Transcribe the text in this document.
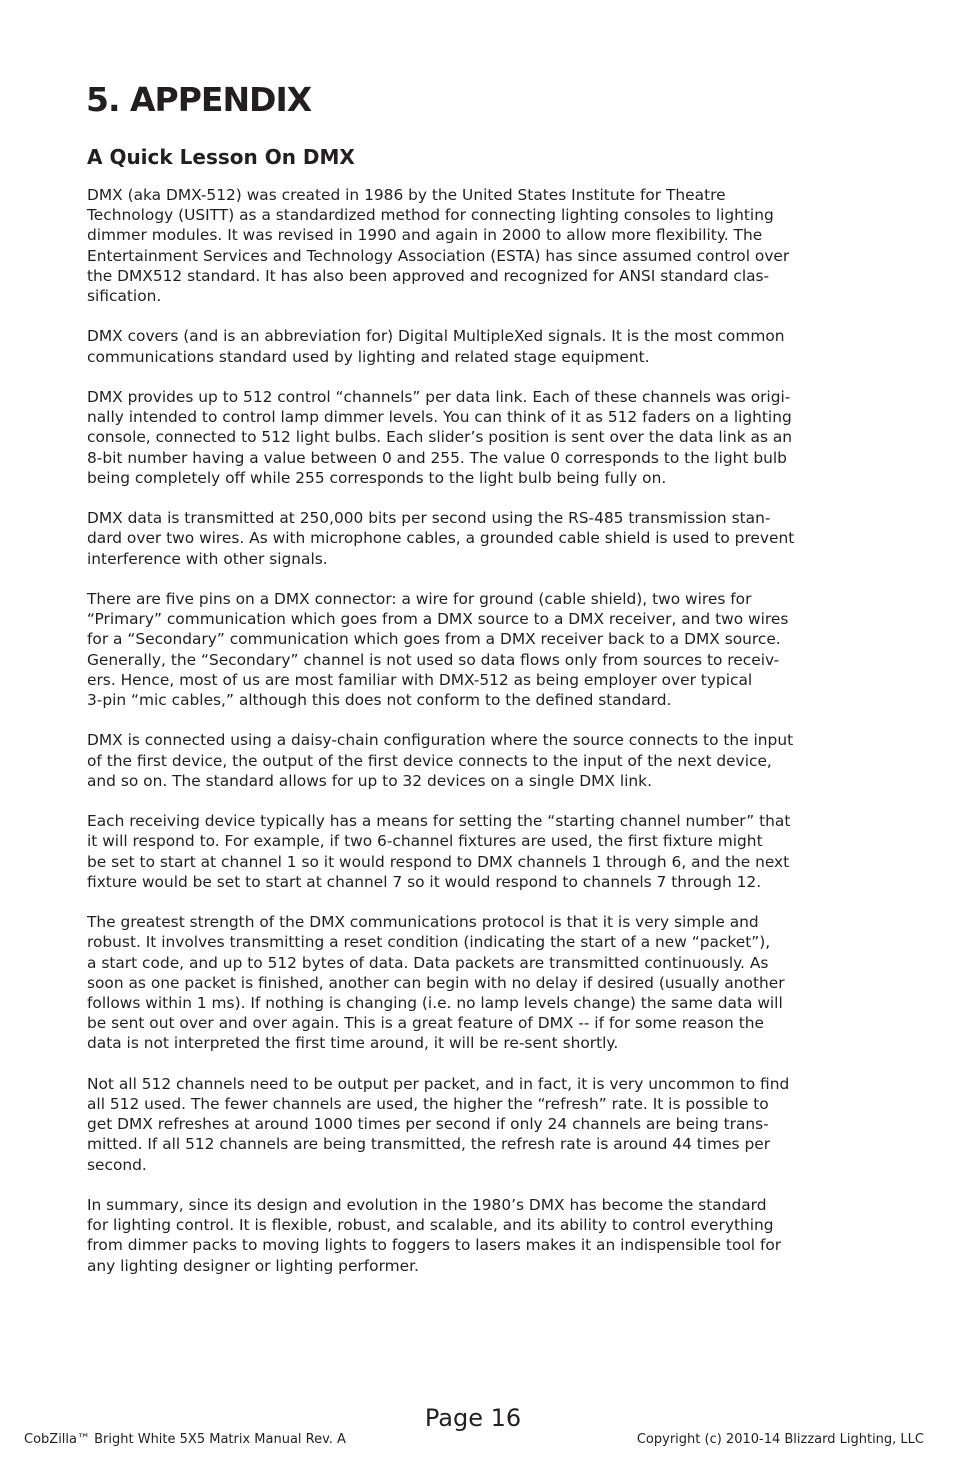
5. APPENDIX
A Quick Lesson On DMX

DMX (aka DMX-512) was created in 1986 by the United States Institute for Theatre
Technology (USITT) as a standardized method for connecting lighting consoles to lighting
dimmer modules. It was revised in 1990 and again in 2000 to allow more flexibility. The
Entertainment Services and Technology Association (ESTA) has since assumed control over
the DMX512 standard. It has also been approved and recognized for ANSI standard clas-
sification.

DMX covers (and is an abbreviation for) Digital MultipleXed signals. It is the most common
communications standard used by lighting and related stage equipment.

DMX provides up to 512 control “channels” per data link. Each of these channels was origi-
nally intended to control lamp dimmer levels. You can think of it as 512 faders on a lighting
console, connected to 512 light bulbs. Each slider’s position is sent over the data link as an
8-bit number having a value between 0 and 255. The value 0 corresponds to the light bulb
being completely off while 255 corresponds to the light bulb being fully on.

DMX data is transmitted at 250,000 bits per second using the RS-485 transmission stan-
dard over two wires. As with microphone cables, a grounded cable shield is used to prevent
interference with other signals.

There are five pins on a DMX connector: a wire for ground (cable shield), two wires for
“Primary” communication which goes from a DMX source to a DMX receiver, and two wires
for a “Secondary” communication which goes from a DMX receiver back to a DMX source.
Generally, the “Secondary” channel is not used so data flows only from sources to receiv-
ers. Hence, most of us are most familiar with DMX-512 as being employer over typical
3-pin “mic cables,” although this does not conform to the defined standard.

DMX is connected using a daisy-chain configuration where the source connects to the input
of the first device, the output of the first device connects to the input of the next device,
and so on. The standard allows for up to 32 devices on a single DMX link.

Each receiving device typically has a means for setting the “starting channel number” that
it will respond to. For example, if two 6-channel fixtures are used, the first fixture might
be set to start at channel 1 so it would respond to DMX channels 1 through 6, and the next
fixture would be set to start at channel 7 so it would respond to channels 7 through 12.

The greatest strength of the DMX communications protocol is that it is very simple and
robust. It involves transmitting a reset condition (indicating the start of a new “packet”),
a start code, and up to 512 bytes of data. Data packets are transmitted continuously. As
soon as one packet is finished, another can begin with no delay if desired (usually another
follows within 1 ms). If nothing is changing (i.e. no lamp levels change) the same data will
be sent out over and over again. This is a great feature of DMX -- if for some reason the
data is not interpreted the first time around, it will be re-sent shortly.

Not all 512 channels need to be output per packet, and in fact, it is very uncommon to find
all 512 used. The fewer channels are used, the higher the “refresh” rate. It is possible to
get DMX refreshes at around 1000 times per second if only 24 channels are being trans-
mitted. If all 512 channels are being transmitted, the refresh rate is around 44 times per
second.

In summary, since its design and evolution in the 1980’s DMX has become the standard
for lighting control. It is flexible, robust, and scalable, and its ability to control everything
from dimmer packs to moving lights to foggers to lasers makes it an indispensible tool for
any lighting designer or lighting performer.

Page 16
CobZilla™ Bright White 5X5 Matrix Manual Rev. A	Copyright (c) 2010-14 Blizzard Lighting, LLC
